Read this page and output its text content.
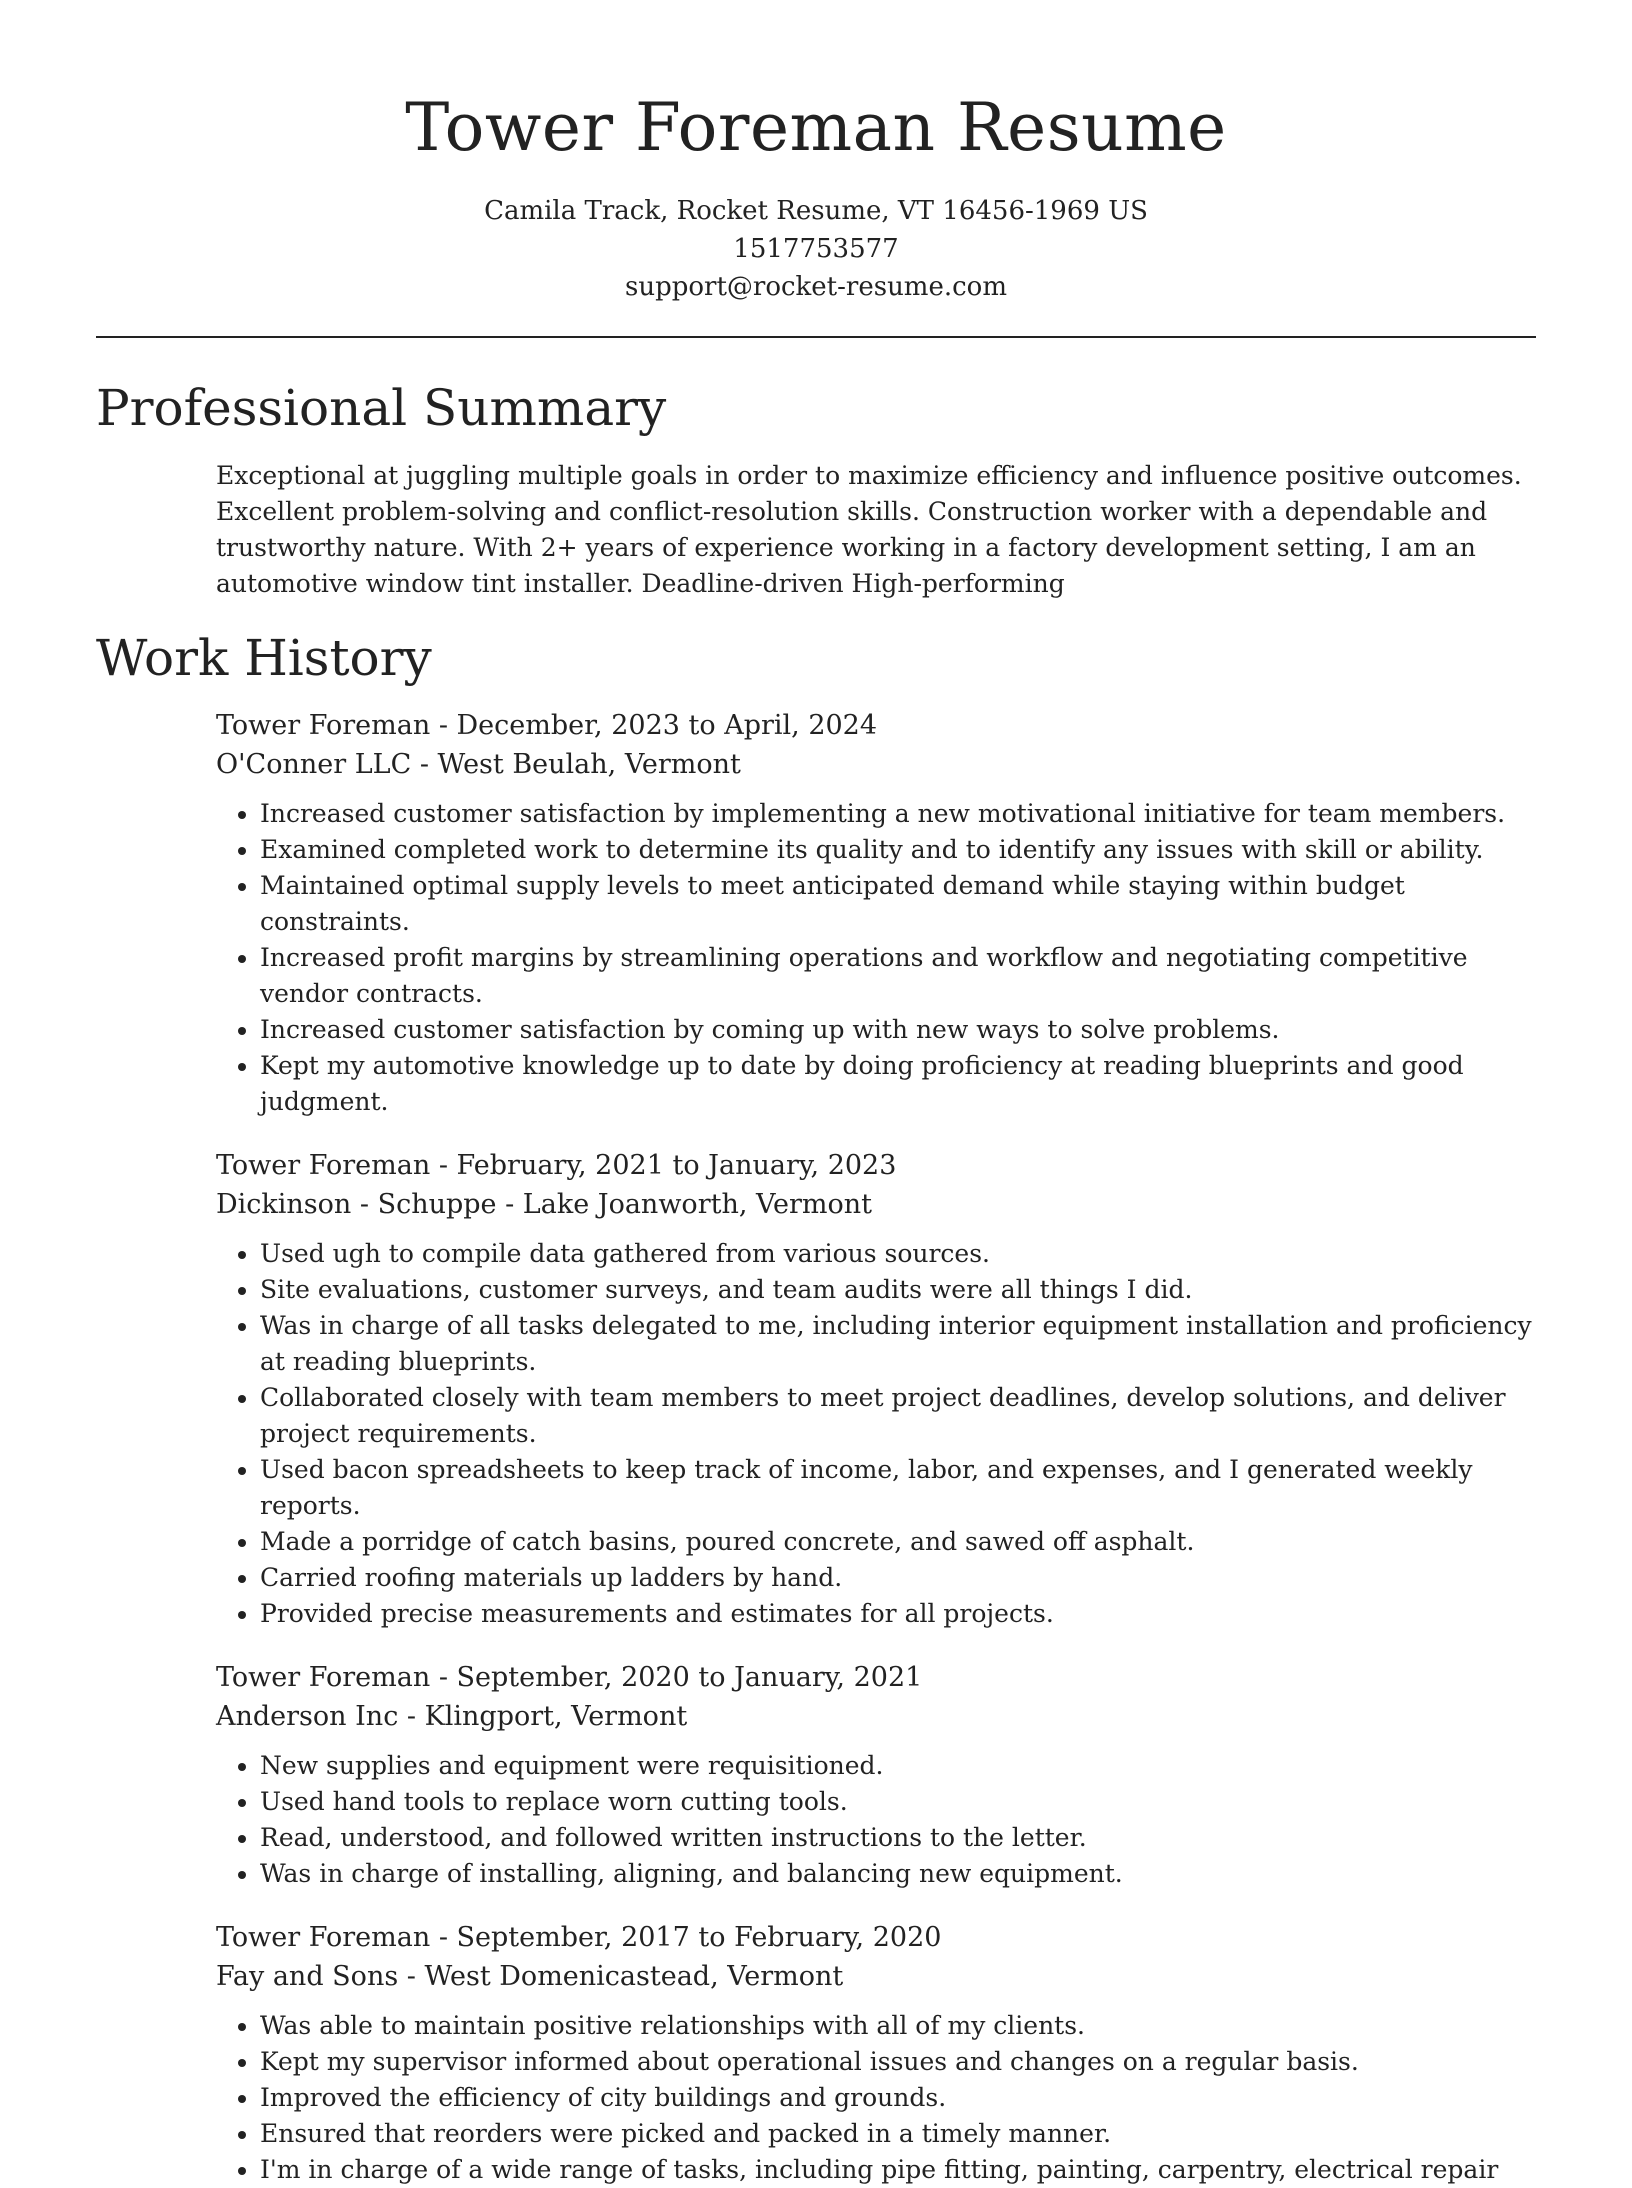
Tower Foreman Resume
Camila Track, Rocket Resume, VT 16456-1969 US
1517753577
support@rocket-resume.com
Professional Summary

Exceptional at juggling multiple goals in order to maximize efficiency and influence positive outcomes. Excellent problem-solving and conflict-resolution skills. Construction worker with a dependable and trustworthy nature. With 2+ years of experience working in a factory development setting, I am an automotive window tint installer. Deadline-driven High-performing

Work History
Tower Foreman - December, 2023 to April, 2024
O'Conner LLC - West Beulah, Vermont
• Increased customer satisfaction by implementing a new motivational initiative for team members.
• Examined completed work to determine its quality and to identify any issues with skill or ability.
• Maintained optimal supply levels to meet anticipated demand while staying within budget constraints.
• Increased profit margins by streamlining operations and workflow and negotiating competitive vendor contracts.
• Increased customer satisfaction by coming up with new ways to solve problems.
• Kept my automotive knowledge up to date by doing proficiency at reading blueprints and good judgment.
Tower Foreman - February, 2021 to January, 2023
Dickinson - Schuppe - Lake Joanworth, Vermont
• Used ugh to compile data gathered from various sources.
• Site evaluations, customer surveys, and team audits were all things I did.
• Was in charge of all tasks delegated to me, including interior equipment installation and proficiency at reading blueprints.
• Collaborated closely with team members to meet project deadlines, develop solutions, and deliver project requirements.
• Used bacon spreadsheets to keep track of income, labor, and expenses, and I generated weekly reports.
• Made a porridge of catch basins, poured concrete, and sawed off asphalt.
• Carried roofing materials up ladders by hand.
• Provided precise measurements and estimates for all projects.
Tower Foreman - September, 2020 to January, 2021
Anderson Inc - Klingport, Vermont
• New supplies and equipment were requisitioned.
• Used hand tools to replace worn cutting tools.
• Read, understood, and followed written instructions to the letter.
• Was in charge of installing, aligning, and balancing new equipment.
Tower Foreman - September, 2017 to February, 2020
Fay and Sons - West Domenicastead, Vermont
• Was able to maintain positive relationships with all of my clients.
• Kept my supervisor informed about operational issues and changes on a regular basis.
• Improved the efficiency of city buildings and grounds.
• Ensured that reorders were picked and packed in a timely manner.
• I'm in charge of a wide range of tasks, including pipe fitting, painting, carpentry, electrical repair
